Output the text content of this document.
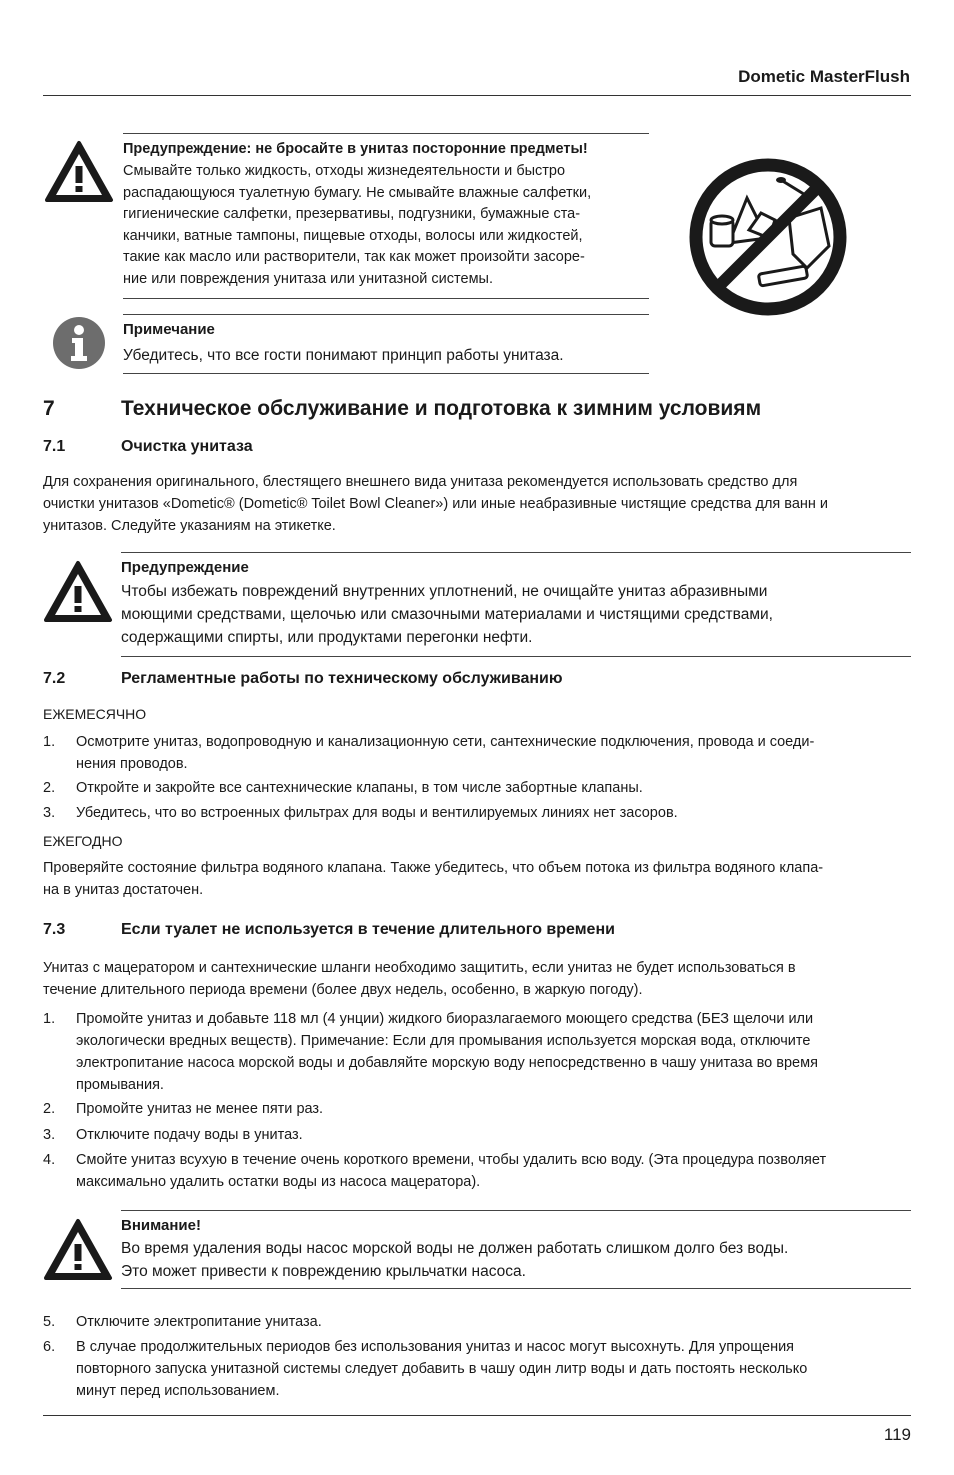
Dometic MasterFlush
Предупреждение: не бросайте в унитаз посторонние предметы!
Смывайте только жидкость, отходы жизнедеятельности и быстро
распадающуюся туалетную бумагу. Не смывайте влажные салфетки,
гигиенические салфетки, презервативы, подгузники, бумажные ста-
канчики, ватные тампоны, пищевые отходы, волосы или жидкостей,
такие как масло или растворители, так как может произойти засоре-
ние или повреждения унитаза или унитазной системы.
Примечание
Убедитесь, что все гости понимают принцип работы унитаза.
7	Техническое обслуживание и подготовка к зимним условиям
7.1	Очистка унитаза
Для сохранения оригинального, блестящего внешнего вида унитаза рекомендуется использовать средство для
очистки унитазов «Dometic® (Dometic® Toilet Bowl Cleaner») или иные неабразивные чистящие средства для ванн и
унитазов. Следуйте указаниям на этикетке.
Предупреждение
Чтобы избежать повреждений внутренних уплотнений, не очищайте унитаз абразивными
моющими средствами, щелочью или смазочными материалами и чистящими средствами,
содержащими спирты, или продуктами перегонки нефти.
7.2	Регламентные работы по техническому обслуживанию
ЕЖЕМЕСЯЧНО
1. Осмотрите унитаз, водопроводную и канализационную сети, сантехнические подключения, провода и соеди-
нения проводов.
2. Откройте и закройте все сантехнические клапаны, в том числе забортные клапаны.
3. Убедитесь, что во встроенных фильтрах для воды и вентилируемых линиях нет засоров.
ЕЖЕГОДНО
Проверяйте состояние фильтра водяного клапана. Также убедитесь, что объем потока из фильтра водяного клапа-
на в унитаз достаточен.
7.3	Если туалет не используется в течение длительного времени
Унитаз с мацератором и сантехнические шланги необходимо защитить, если унитаз не будет использоваться в
течение длительного периода времени (более двух недель, особенно, в жаркую погоду).
1. Промойте унитаз и добавьте 118 мл (4 унции) жидкого биоразлагаемого моющего средства (БЕЗ щелочи или
экологически вредных веществ). Примечание: Если для промывания используется морская вода, отключите
электропитание насоса морской воды и добавляйте морскую воду непосредственно в чашу унитаза во время
промывания.
2. Промойте унитаз не менее пяти раз.
3. Отключите подачу воды в унитаз.
4. Смойте унитаз всухую в течение очень короткого времени, чтобы удалить всю воду. (Эта процедура позволяет
максимально удалить остатки воды из насоса мацератора).
Внимание!
Во время удаления воды насос морской воды не должен работать слишком долго без воды.
Это может привести к повреждению крыльчатки насоса.
5. Отключите электропитание унитаза.
6. В случае продолжительных периодов без использования унитаз и насос могут высохнуть. Для упрощения
повторного запуска унитазной системы следует добавить в чашу один литр воды и дать постоять несколько
минут перед использованием.
119
